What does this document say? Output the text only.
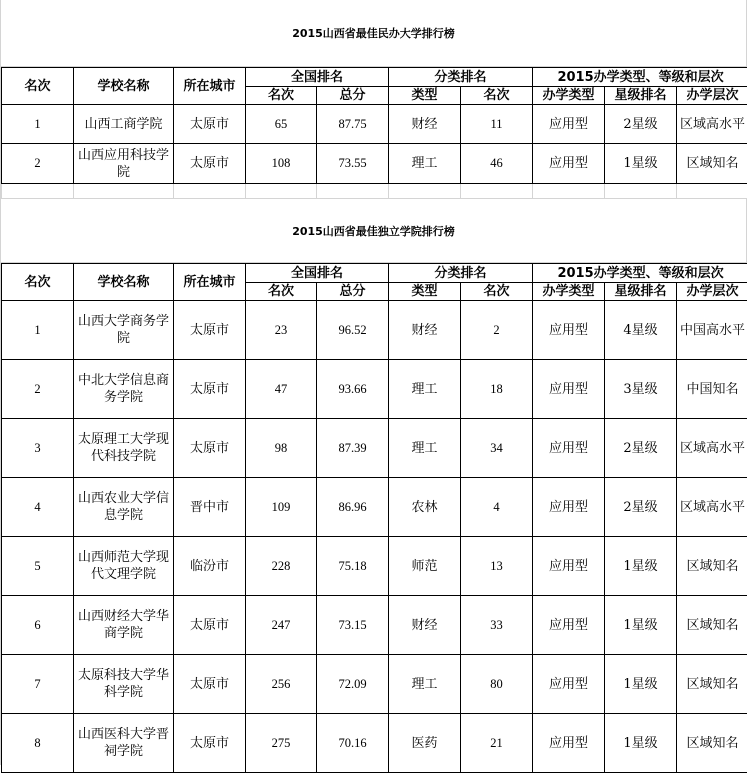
2015山西省最佳民办大学排行榜
名次	学校名称	所在城市	全国排名		分类排名		2015办学类型、等级和层次		
			名次	总分	类型	名次	办学类型	星级排名	办学层次
1	山西工商学院	太原市	65	87.75	财经	11	应用型	2星级	区域高水平
2	山西应用科技学院	太原市	108	73.55	理工	46	应用型	1星级	区域知名

2015山西省最佳独立学院排行榜
名次	学校名称	所在城市	全国排名		分类排名		2015办学类型、等级和层次		
			名次	总分	类型	名次	办学类型	星级排名	办学层次
1	山西大学商务学院	太原市	23	96.52	财经	2	应用型	4星级	中国高水平
2	中北大学信息商务学院	太原市	47	93.66	理工	18	应用型	3星级	中国知名
3	太原理工大学现代科技学院	太原市	98	87.39	理工	34	应用型	2星级	区域高水平
4	山西农业大学信息学院	晋中市	109	86.96	农林	4	应用型	2星级	区域高水平
5	山西师范大学现代文理学院	临汾市	228	75.18	师范	13	应用型	1星级	区域知名
6	山西财经大学华商学院	太原市	247	73.15	财经	33	应用型	1星级	区域知名
7	太原科技大学华科学院	太原市	256	72.09	理工	80	应用型	1星级	区域知名
8	山西医科大学晋祠学院	太原市	275	70.16	医药	21	应用型	1星级	区域知名
